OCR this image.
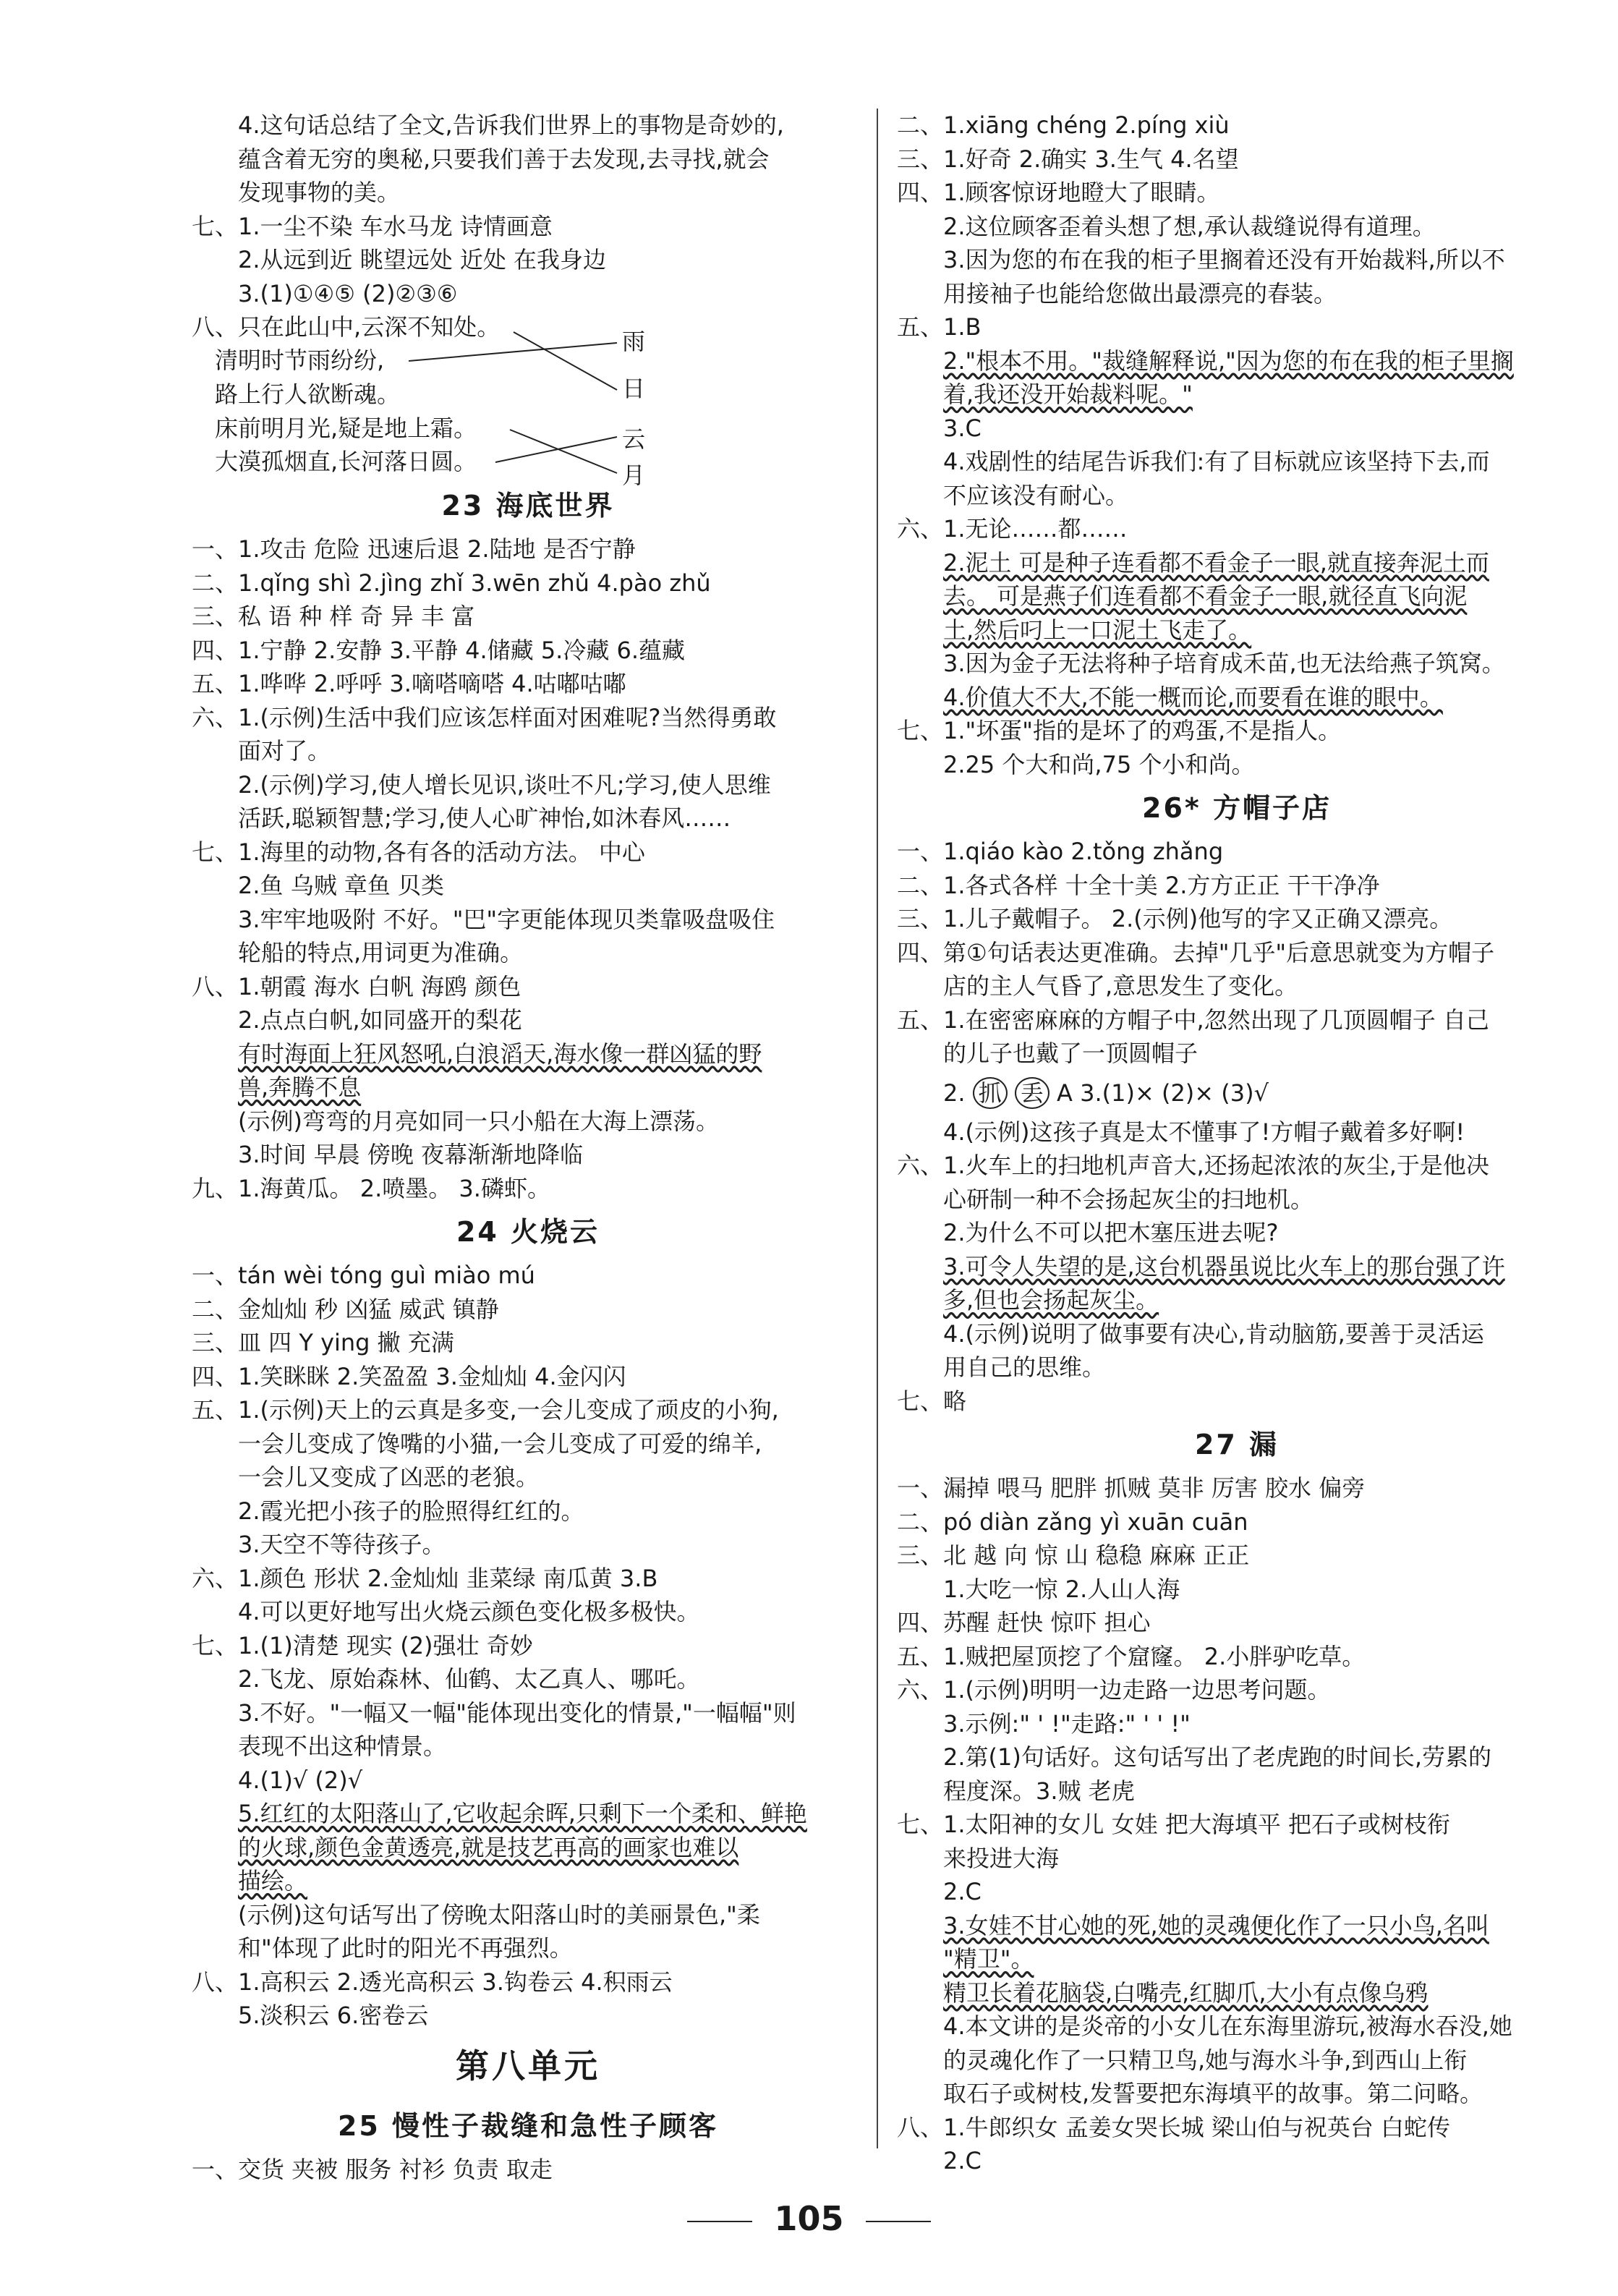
4.这句话总结了全文,告诉我们世界上的事物是奇妙的,
蕴含着无穷的奥秘,只要我们善于去发现,去寻找,就会
发现事物的美。
七、1.一尘不染 车水马龙 诗情画意
2.从远到近 眺望远处 近处 在我身边
3.(1)①④⑤ (2)②③⑥
八、只在此山中,云深不知处。
清明时节雨纷纷,
路上行人欲断魂。
床前明月光,疑是地上霜。
大漠孤烟直,长河落日圆。
雨
日
云
月
23 海底世界
一、1.攻击 危险 迅速后退 2.陆地 是否宁静
二、1.qǐng shì 2.jìng zhǐ 3.wēn zhǔ 4.pào zhǔ
三、私 语 种 样 奇 异 丰 富
四、1.宁静 2.安静 3.平静 4.储藏 5.冷藏 6.蕴藏
五、1.哗哗 2.呼呼 3.嘀嗒嘀嗒 4.咕嘟咕嘟
六、1.(示例)生活中我们应该怎样面对困难呢?当然得勇敢
面对了。
2.(示例)学习,使人增长见识,谈吐不凡;学习,使人思维
活跃,聪颖智慧;学习,使人心旷神怡,如沐春风……
七、1.海里的动物,各有各的活动方法。 中心
2.鱼 乌贼 章鱼 贝类
3.牢牢地吸附 不好。"巴"字更能体现贝类靠吸盘吸住
轮船的特点,用词更为准确。
八、1.朝霞 海水 白帆 海鸥 颜色
2.点点白帆,如同盛开的梨花
有时海面上狂风怒吼,白浪滔天,海水像一群凶猛的野
兽,奔腾不息
(示例)弯弯的月亮如同一只小船在大海上漂荡。
3.时间 早晨 傍晚 夜幕渐渐地降临
九、1.海黄瓜。 2.喷墨。 3.磷虾。
24 火烧云
一、tán wèi tóng guì miào mú
二、金灿灿 秒 凶猛 威武 镇静
三、皿 四 Y ying 撇 充满
四、1.笑眯眯 2.笑盈盈 3.金灿灿 4.金闪闪
五、1.(示例)天上的云真是多变,一会儿变成了顽皮的小狗,
一会儿变成了馋嘴的小猫,一会儿变成了可爱的绵羊,
一会儿又变成了凶恶的老狼。
2.霞光把小孩子的脸照得红红的。
3.天空不等待孩子。
六、1.颜色 形状 2.金灿灿 韭菜绿 南瓜黄 3.B
4.可以更好地写出火烧云颜色变化极多极快。
七、1.(1)清楚 现实 (2)强壮 奇妙
2.飞龙、原始森林、仙鹤、太乙真人、哪吒。
3.不好。"一幅又一幅"能体现出变化的情景,"一幅幅"则
表现不出这种情景。
4.(1)√ (2)√
5.红红的太阳落山了,它收起余晖,只剩下一个柔和、鲜艳
的火球,颜色金黄透亮,就是技艺再高的画家也难以
描绘。
(示例)这句话写出了傍晚太阳落山时的美丽景色,"柔
和"体现了此时的阳光不再强烈。
八、1.高积云 2.透光高积云 3.钩卷云 4.积雨云
5.淡积云 6.密卷云
第八单元
25 慢性子裁缝和急性子顾客
一、交货 夹被 服务 衬衫 负责 取走
二、1.xiāng chéng 2.píng xiù
三、1.好奇 2.确实 3.生气 4.名望
四、1.顾客惊讶地瞪大了眼睛。
2.这位顾客歪着头想了想,承认裁缝说得有道理。
3.因为您的布在我的柜子里搁着还没有开始裁料,所以不
用接袖子也能给您做出最漂亮的春装。
五、1.B
2."根本不用。"裁缝解释说,"因为您的布在我的柜子里搁
着,我还没开始裁料呢。"
3.C
4.戏剧性的结尾告诉我们:有了目标就应该坚持下去,而
不应该没有耐心。
六、1.无论……都……
2.泥土 可是种子连看都不看金子一眼,就直接奔泥土而
去。 可是燕子们连看都不看金子一眼,就径直飞向泥
土,然后叼上一口泥土飞走了。
3.因为金子无法将种子培育成禾苗,也无法给燕子筑窝。
4.价值大不大,不能一概而论,而要看在谁的眼中。
七、1."坏蛋"指的是坏了的鸡蛋,不是指人。
2.25 个大和尚,75 个小和尚。
26* 方帽子店
一、1.qiáo kào 2.tǒng zhǎng
二、1.各式各样 十全十美 2.方方正正 干干净净
三、1.儿子戴帽子。 2.(示例)他写的字又正确又漂亮。
四、第①句话表达更准确。去掉"几乎"后意思就变为方帽子
店的主人气昏了,意思发生了变化。
五、1.在密密麻麻的方帽子中,忽然出现了几顶圆帽子 自己
的儿子也戴了一顶圆帽子
2. 抓 丢 A 3.(1)× (2)× (3)√
4.(示例)这孩子真是太不懂事了!方帽子戴着多好啊!
六、1.火车上的扫地机声音大,还扬起浓浓的灰尘,于是他决
心研制一种不会扬起灰尘的扫地机。
2.为什么不可以把木塞压进去呢?
3.可令人失望的是,这台机器虽说比火车上的那台强了许
多,但也会扬起灰尘。
4.(示例)说明了做事要有决心,肯动脑筋,要善于灵活运
用自己的思维。
七、略
27 漏
一、漏掉 喂马 肥胖 抓贼 莫非 厉害 胶水 偏旁
二、pó diàn zǎng yì xuān cuān
三、北 越 向 惊 山 稳稳 麻麻 正正
1.大吃一惊 2.人山人海
四、苏醒 赶快 惊吓 担心
五、1.贼把屋顶挖了个窟窿。 2.小胖驴吃草。
六、1.(示例)明明一边走路一边思考问题。
3.示例:" ' !"走路:" ' ' !"
2.第(1)句话好。这句话写出了老虎跑的时间长,劳累的
程度深。3.贼 老虎
七、1.太阳神的女儿 女娃 把大海填平 把石子或树枝衔
来投进大海
2.C
3.女娃不甘心她的死,她的灵魂便化作了一只小鸟,名叫
"精卫"。
精卫长着花脑袋,白嘴壳,红脚爪,大小有点像乌鸦
4.本文讲的是炎帝的小女儿在东海里游玩,被海水吞没,她
的灵魂化作了一只精卫鸟,她与海水斗争,到西山上衔
取石子或树枝,发誓要把东海填平的故事。第二问略。
八、1.牛郎织女 孟姜女哭长城 梁山伯与祝英台 白蛇传
2.C
105
